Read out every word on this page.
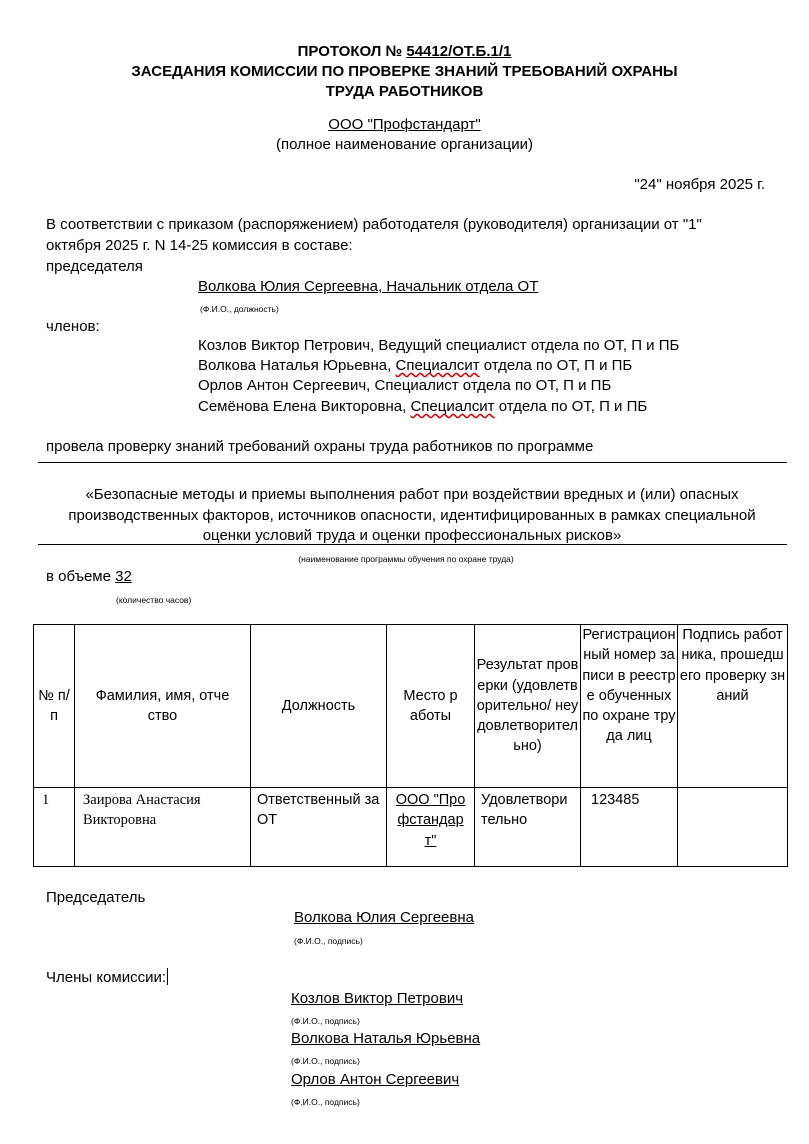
ПРОТОКОЛ № 54412/ОТ.Б.1/1
ЗАСЕДАНИЯ КОМИССИИ ПО ПРОВЕРКЕ ЗНАНИЙ ТРЕБОВАНИЙ ОХРАНЫ
ТРУДА РАБОТНИКОВ
ООО "Профстандарт"
(полное наименование организации)
"24" ноября 2025 г.
В соответствии с приказом (распоряжением) работодателя (руководителя) организации от "1"
октября 2025 г. N 14-25 комиссия в составе:
председателя
Волкова Юлия Сергеевна, Начальник отдела ОТ
(Ф.И.О., должность)
членов:
Козлов Виктор Петрович, Ведущий специалист отдела по ОТ, П и ПБ
Волкова Наталья Юрьевна, Специалсит отдела по ОТ, П и ПБ
Орлов Антон Сергеевич, Специалист отдела по ОТ, П и ПБ
Семёнова Елена Викторовна, Специалсит отдела по ОТ, П и ПБ
провела проверку знаний требований охраны труда работников по программе
«Безопасные методы и приемы выполнения работ при воздействии вредных и (или) опасных
производственных факторов, источников опасности, идентифицированных в рамках специальной
оценки условий труда и оценки профессиональных рисков»
(наименование программы обучения по охране труда)
в объеме 32
(количество часов)
№ п/п	Фамилия, имя, отчество	Должность	Место работы	Результат проверки (удовлетворительно/ неудовлетворительно)	Регистрационный номер записи в реестре обученных по охране труда лиц	Подпись работника, прошедшего проверку знаний
1	Заирова Анастасия Викторовна	Ответственный за ОТ	ООО "Профстандарт"	Удовлетворительно	123485	
Председатель
Волкова Юлия Сергеевна
(Ф.И.О., подпись)
Члены комиссии:
Козлов Виктор Петрович
(Ф.И.О., подпись)
Волкова Наталья Юрьевна
(Ф.И.О., подпись)
Орлов Антон Сергеевич
(Ф.И.О., подпись)
